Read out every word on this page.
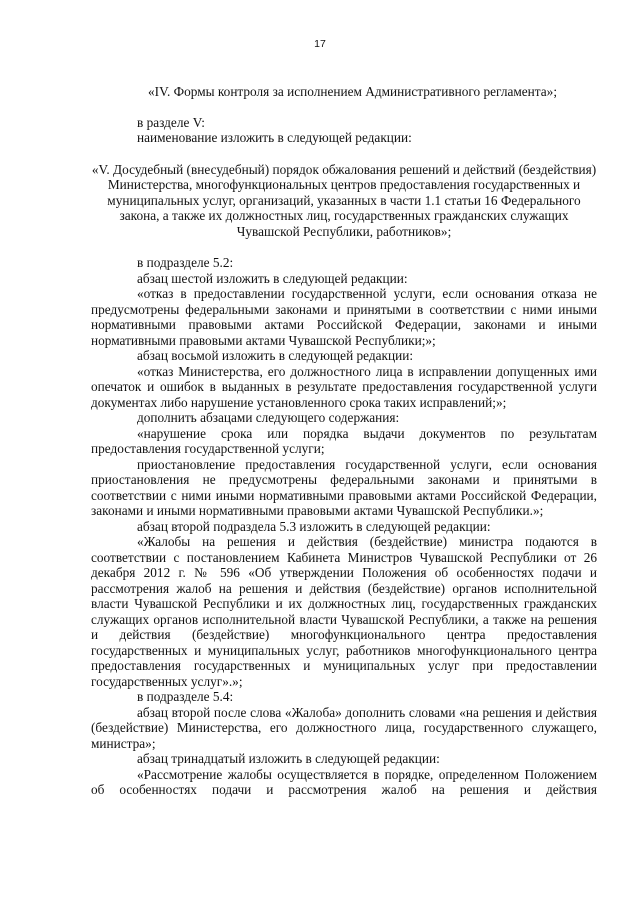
17

«IV. Формы контроля за исполнением Административного регламента»;

в разделе V:

наименование изложить в следующей редакции:

«V. Досудебный (внесудебный) порядок обжалования решений и действий (бездействия) Министерства, многофункциональных центров предоставления государственных и муниципальных услуг, организаций, указанных в части 1.1 статьи 16 Федерального закона, а также их должностных лиц, государственных гражданских служащих Чувашской Республики, работников»;

в подразделе 5.2:

абзац шестой изложить в следующей редакции:

«отказ в предоставлении государственной услуги, если основания отказа не предусмотрены федеральными законами и принятыми в соответствии с ними иными нормативными правовыми актами Российской Федерации, законами и иными нормативными правовыми актами Чувашской Республики;»;

абзац восьмой изложить в следующей редакции:

«отказ Министерства, его должностного лица в исправлении допущенных ими опечаток и ошибок в выданных в результате предоставления государственной услуги документах либо нарушение установленного срока таких исправлений;»;

дополнить абзацами следующего содержания:

«нарушение срока или порядка выдачи документов по результатам предоставления государственной услуги;

приостановление предоставления государственной услуги, если основания приостановления не предусмотрены федеральными законами и принятыми в соответствии с ними иными нормативными правовыми актами Российской Федерации, законами и иными нормативными правовыми актами Чувашской Республики.»;

абзац второй подраздела 5.3 изложить в следующей редакции:

«Жалобы на решения и действия (бездействие) министра подаются в соответствии с постановлением Кабинета Министров Чувашской Республики от 26 декабря 2012 г. № 596 «Об утверждении Положения об особенностях подачи и рассмотрения жалоб на решения и действия (бездействие) органов исполнительной власти Чувашской Республики и их должностных лиц, государственных гражданских служащих органов исполнительной власти Чувашской Республики, а также на решения и действия (бездействие) многофункционального центра предоставления государственных и муниципальных услуг, работников многофункционального центра предоставления государственных и муниципальных услуг при предоставлении государственных услуг».»;

в подразделе 5.4:

абзац второй после слова «Жалоба» дополнить словами «на решения и действия (бездействие) Министерства, его должностного лица, государственного служащего, министра»;

абзац тринадцатый изложить в следующей редакции:

«Рассмотрение жалобы осуществляется в порядке, определенном Положением об особенностях подачи и рассмотрения жалоб на решения и действия
